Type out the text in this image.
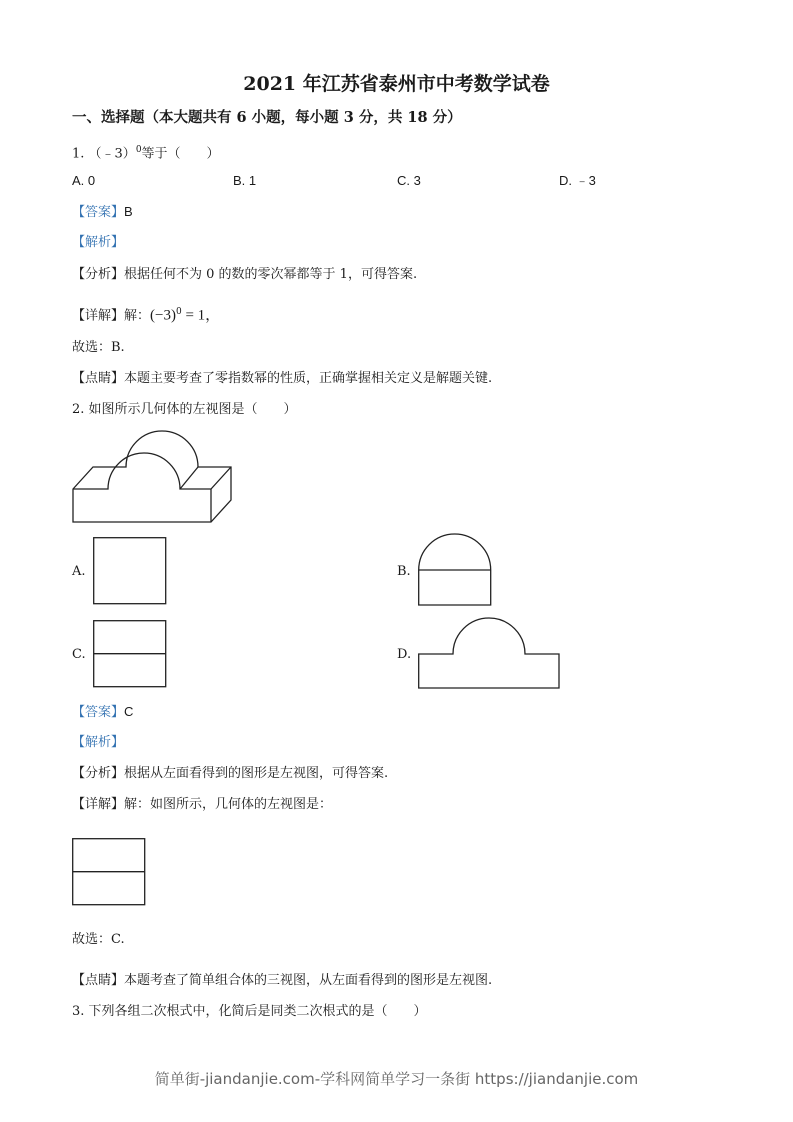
2021 年江苏省泰州市中考数学试卷
一、选择题（本大题共有 6 小题，每小题 3 分，共 18 分）
1. （﹣3）$^0$等于（　　）
A. 0	B. 1	C. 3	D. ﹣3
【答案】B
【解析】
【分析】根据任何不为 0 的数的零次幂都等于 1，可得答案.
【详解】解：$(-3)^0 = 1$，
故选：B.
【点睛】本题主要考查了零指数幂的性质，正确掌握相关定义是解题关键.
2. 如图所示几何体的左视图是（　　）
A.	B.
C.	D.
【答案】C
【解析】
【分析】根据从左面看得到的图形是左视图，可得答案.
【详解】解：如图所示，几何体的左视图是：
故选：C.
【点睛】本题考查了简单组合体的三视图，从左面看得到的图形是左视图.
3. 下列各组二次根式中，化简后是同类二次根式的是（　　）
简单街-jiandanjie.com-学科网简单学习一条街 https://jiandanjie.com
